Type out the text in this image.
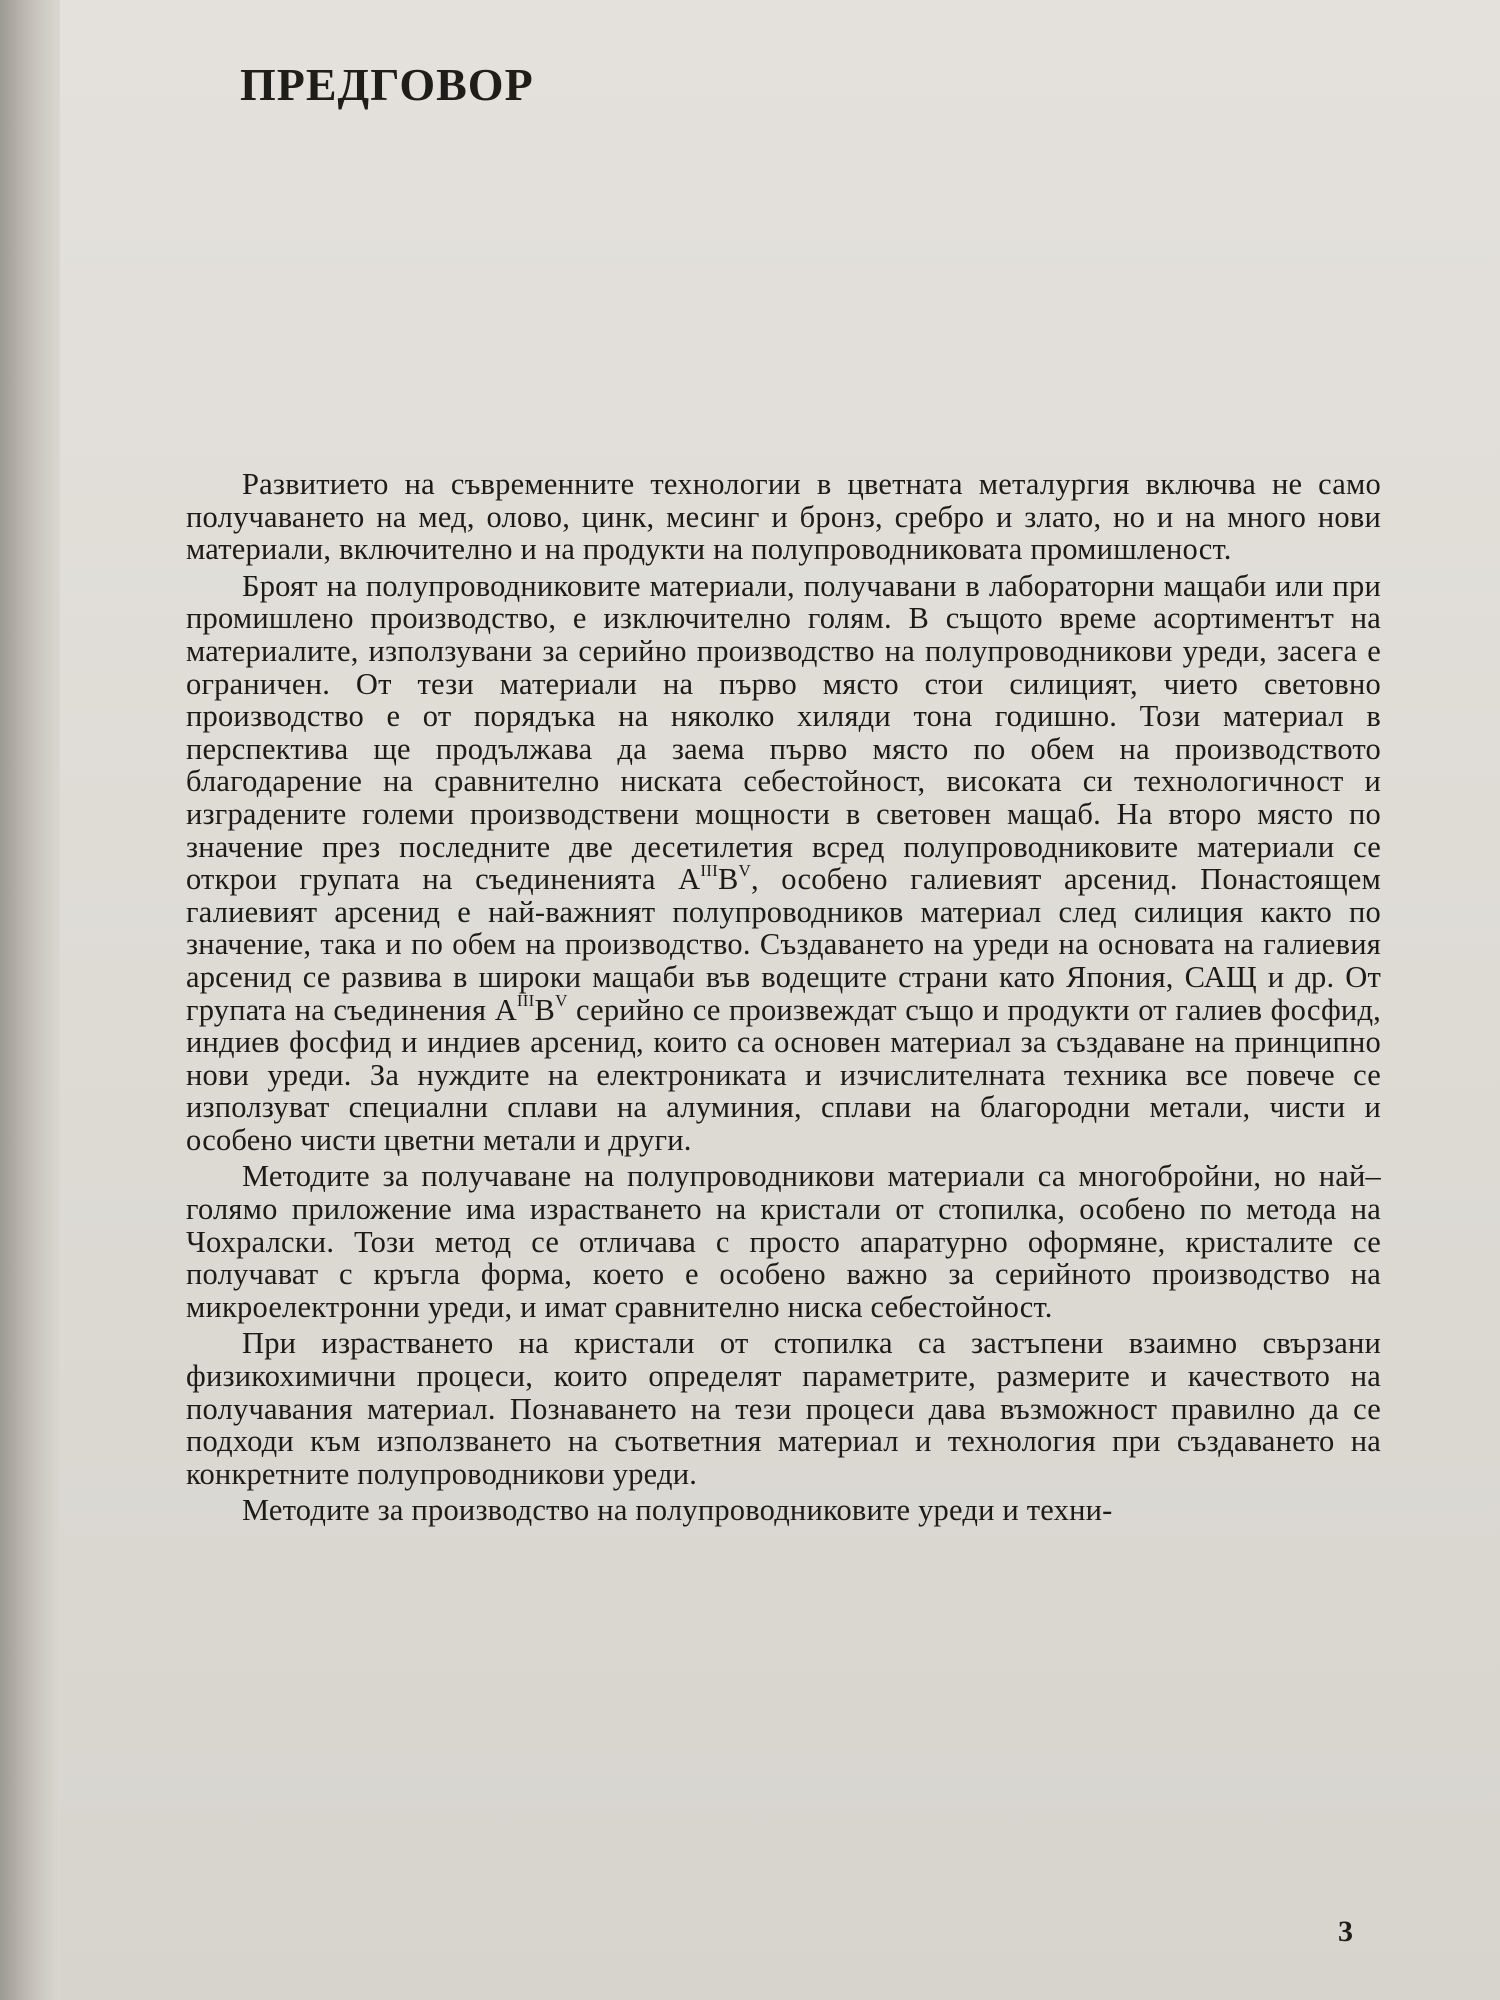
ПРЕДГОВОР

Развитието на съвременните технологии в цветната металургия включва не само получаването на мед, олово, цинк, месинг и бронз, сребро и злато, но и на много нови материали, включително и на продукти на полупроводниковата промишленост.

Броят на полупроводниковите материали, получавани в лабораторни мащаби или при промишлено производство, е изключително голям. В същото време асортиментът на материалите, използувани за серийно производство на полупроводникови уреди, засега е ограничен. От тези материали на първо място стои силицият, чието световно производство е от порядъка на няколко хиляди тона годишно. Този материал в перспектива ще продължава да заема първо място по обем на производството благодарение на сравнително ниската себестойност, високата си технологичност и изградените големи производствени мощности в световен мащаб. На второ място по значение през последните две десетилетия всред полупроводниковите материали се открои групата на съединенията $A^{III}B^V$, особено галиевият арсенид. Понастоящем галиевият арсенид е най-важният полупроводников материал след силиция както по значение, така и по обем на производство. Създаването на уреди на основата на галиевия арсенид се развива в широки мащаби във водещите страни като Япония, САЩ и др. От групата на съединения $A^{III}B^V$ серийно се произвеждат също и продукти от галиев фосфид, индиев фосфид и индиев арсенид, които са основен материал за създаване на принципно нови уреди. За нуждите на електрониката и изчислителната техника все повече се използуват специални сплави на алуминия, сплави на благородни метали, чисти и особено чисти цветни метали и други.

Методите за получаване на полупроводникови материали са многобройни, но най–голямо приложение има израстването на кристали от стопилка, особено по метода на Чохралски. Този метод се отличава с просто апаратурно оформяне, кристалите се получават с кръгла форма, което е особено важно за серийното производство на микроелектронни уреди, и имат сравнително ниска себестойност.

При израстването на кристали от стопилка са застъпени взаимно свързани физикохимични процеси, които определят параметрите, размерите и качеството на получавания материал. Познаването на тези процеси дава възможност правилно да се подходи към използването на съответния материал и технология при създаването на конкретните полупроводникови уреди.

Методите за производство на полупроводниковите уреди и техни-

3
